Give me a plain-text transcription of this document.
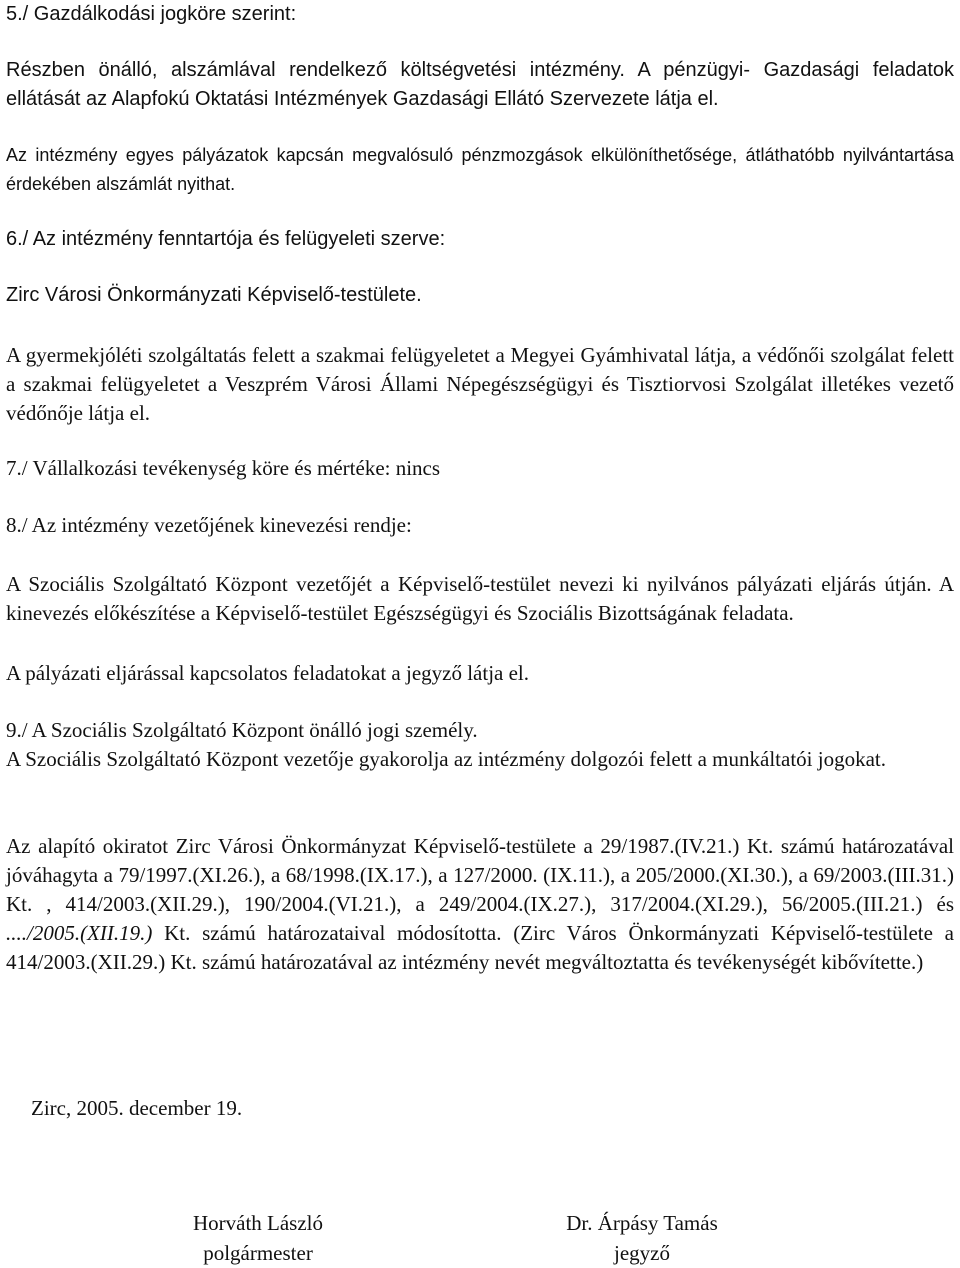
5./ Gazdálkodási jogköre szerint:

Részben önálló, alszámlával rendelkező költségvetési intézmény. A pénzügyi- Gazdasági feladatok ellátását az Alapfokú Oktatási Intézmények Gazdasági Ellátó Szervezete látja el.

Az intézmény egyes pályázatok kapcsán megvalósuló pénzmozgások elkülöníthetősége, átláthatóbb nyilvántartása érdekében alszámlát nyithat.

6./ Az intézmény fenntartója és felügyeleti szerve:

Zirc Városi Önkormányzati Képviselő-testülete.

A gyermekjóléti szolgáltatás felett a szakmai felügyeletet a Megyei Gyámhivatal látja, a védőnői szolgálat felett a szakmai felügyeletet a Veszprém Városi Állami Népegészségügyi és Tisztiorvosi Szolgálat illetékes vezető védőnője látja el.

7./ Vállalkozási tevékenység köre és mértéke: nincs

8./ Az intézmény vezetőjének kinevezési rendje:

A Szociális Szolgáltató Központ vezetőjét a Képviselő-testület nevezi ki nyilvános pályázati eljárás útján. A kinevezés előkészítése a Képviselő-testület Egészségügyi és Szociális Bizottságának feladata.

A pályázati eljárással kapcsolatos feladatokat a jegyző látja el.

9./ A Szociális Szolgáltató Központ önálló jogi személy.

A Szociális Szolgáltató Központ vezetője gyakorolja az intézmény dolgozói felett a munkáltatói jogokat.

Az alapító okiratot Zirc Városi Önkormányzat Képviselő-testülete a 29/1987.(IV.21.) Kt. számú határozatával jóváhagyta a 79/1997.(XI.26.), a 68/1998.(IX.17.), a 127/2000. (IX.11.), a 205/2000.(XI.30.), a 69/2003.(III.31.) Kt. , 414/2003.(XII.29.), 190/2004.(VI.21.), a 249/2004.(IX.27.), 317/2004.(XI.29.), 56/2005.(III.21.) és ..../2005.(XII.19.) Kt. számú határozataival módosította. (Zirc Város Önkormányzati Képviselő-testülete a 414/2003.(XII.29.) Kt. számú határozatával az intézmény nevét megváltoztatta és tevékenységét kibővítette.)

Zirc, 2005. december 19.

Horváth László
polgármester
Dr. Árpásy Tamás
jegyző
